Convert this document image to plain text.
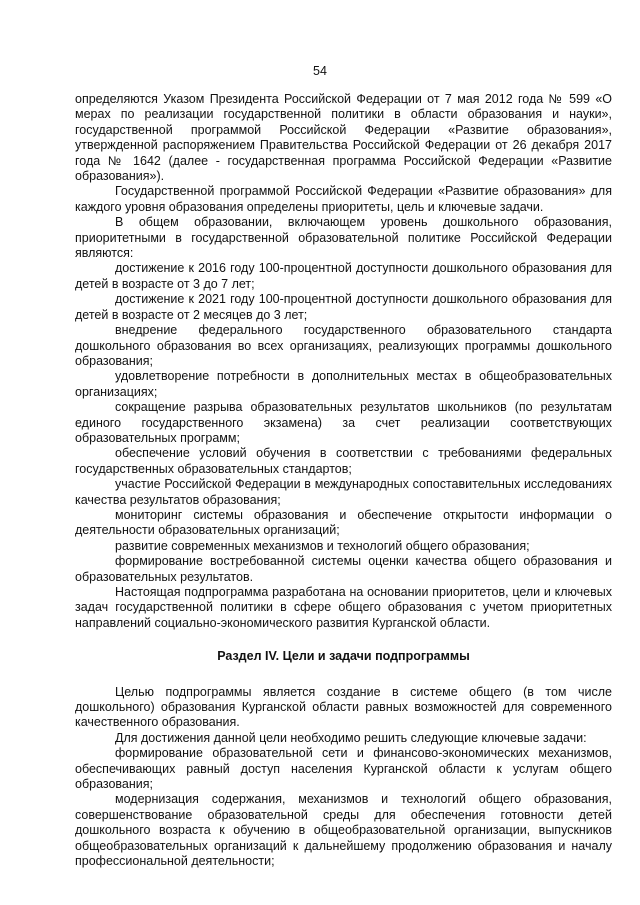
54

определяются Указом Президента Российской Федерации от 7 мая 2012 года № 599 «О мерах по реализации государственной политики в области образования и науки», государственной программой Российской Федерации «Развитие образования», утвержденной распоряжением Правительства Российской Федерации от 26 декабря 2017 года № 1642 (далее - государственная программа Российской Федерации «Развитие образования»).

Государственной программой Российской Федерации «Развитие образования» для каждого уровня образования определены приоритеты, цель и ключевые задачи.

В общем образовании, включающем уровень дошкольного образования, приоритетными в государственной образовательной политике Российской Федерации являются:

достижение к 2016 году 100-процентной доступности дошкольного образования для детей в возрасте от 3 до 7 лет;

достижение к 2021 году 100-процентной доступности дошкольного образования для детей в возрасте от 2 месяцев до 3 лет;

внедрение федерального государственного образовательного стандарта дошкольного образования во всех организациях, реализующих программы дошкольного образования;

удовлетворение потребности в дополнительных местах в общеобразовательных организациях;

сокращение разрыва образовательных результатов школьников (по результатам единого государственного экзамена) за счет реализации соответствующих образовательных программ;

обеспечение условий обучения в соответствии с требованиями федеральных государственных образовательных стандартов;

участие Российской Федерации в международных сопоставительных исследованиях качества результатов образования;

мониторинг системы образования и обеспечение открытости информации о деятельности образовательных организаций;

развитие современных механизмов и технологий общего образования;

формирование востребованной системы оценки качества общего образования и образовательных результатов.

Настоящая подпрограмма разработана на основании приоритетов, цели и ключевых задач государственной политики в сфере общего образования с учетом приоритетных направлений социально-экономического развития Курганской области.

Раздел IV. Цели и задачи подпрограммы

Целью подпрограммы является создание в системе общего (в том числе дошкольного) образования Курганской области равных возможностей для современного качественного образования.

Для достижения данной цели необходимо решить следующие ключевые задачи:

формирование образовательной сети и финансово-экономических механизмов, обеспечивающих равный доступ населения Курганской области к услугам общего образования;

модернизация содержания, механизмов и технологий общего образования, совершенствование образовательной среды для обеспечения готовности детей дошкольного возраста к обучению в общеобразовательной организации, выпускников общеобразовательных организаций к дальнейшему продолжению образования и началу профессиональной деятельности;
